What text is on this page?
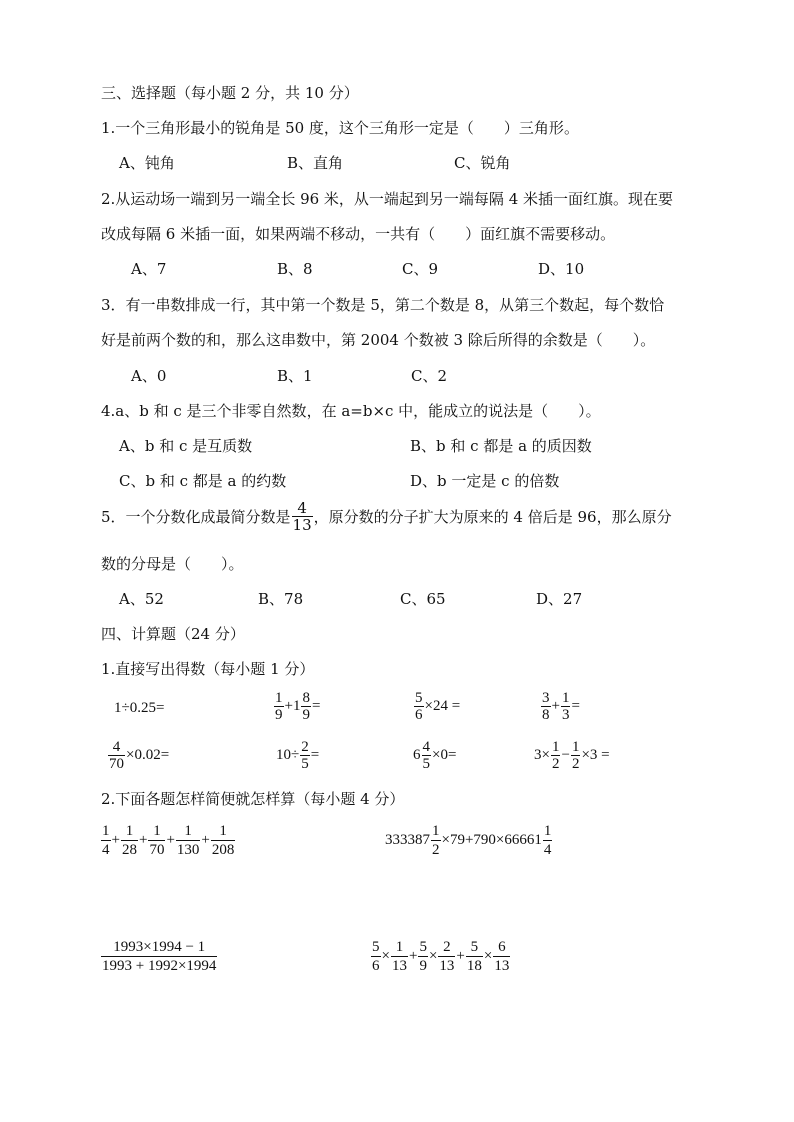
三、选择题（每小题 2 分，共 10 分）
1.一个三角形最小的锐角是 50 度，这个三角形一定是（　　）三角形。
A、钝角	B、直角	C、锐角
2.从运动场一端到另一端全长 96 米，从一端起到另一端每隔 4 米插一面红旗。现在要
改成每隔 6 米插一面，如果两端不移动，一共有（　　）面红旗不需要移动。
A、7	B、8	C、9	D、10
3．有一串数排成一行，其中第一个数是 5，第二个数是 8，从第三个数起，每个数恰
好是前两个数的和，那么这串数中，第 2004 个数被 3 除后所得的余数是（　　）。
A、0	B、1	C、2
4.a、b 和 c 是三个非零自然数，在 a=b×c 中，能成立的说法是（　　）。
A、b 和 c 是互质数	B、b 和 c 都是 a 的质因数
C、b 和 c 都是 a 的约数	D、b 一定是 c 的倍数
5．一个分数化成最简分数是 $\frac{4}{13}$ ，原分数的分子扩大为原来的 4 倍后是 96，那么原分
数的分母是（　　）。
A、52	B、78	C、65	D、27
四、计算题（24 分）
1.直接写出得数（每小题 1 分）
1÷0.25=	$\frac{1}{9} +1 \frac{8}{9}$ =	$\frac{5}{6} \times 24$ =	$\frac{3}{8} + \frac{1}{3}$ =
$\frac{4}{70} \times 0.02=$	$10\div \frac{2}{5}$ =	$6 \frac{4}{5} \times 0=$	$3\times \frac{1}{2} - \frac{1}{2} \times 3$ =
2.下面各题怎样简便就怎样算（每小题 4 分）
$\frac{1}{4} + \frac{1}{28} + \frac{1}{70} + \frac{1}{130} + \frac{1}{208}$	$333387 \frac{1}{2} \times 79+790\times 66661 \frac{1}{4}$
$\frac{1993\times 1994 - 1}{1993 + 1992\times 1994}$	$\frac{5}{6} \times \frac{1}{13} + \frac{5}{9} \times \frac{2}{13} + \frac{5}{18} \times \frac{6}{13}$
